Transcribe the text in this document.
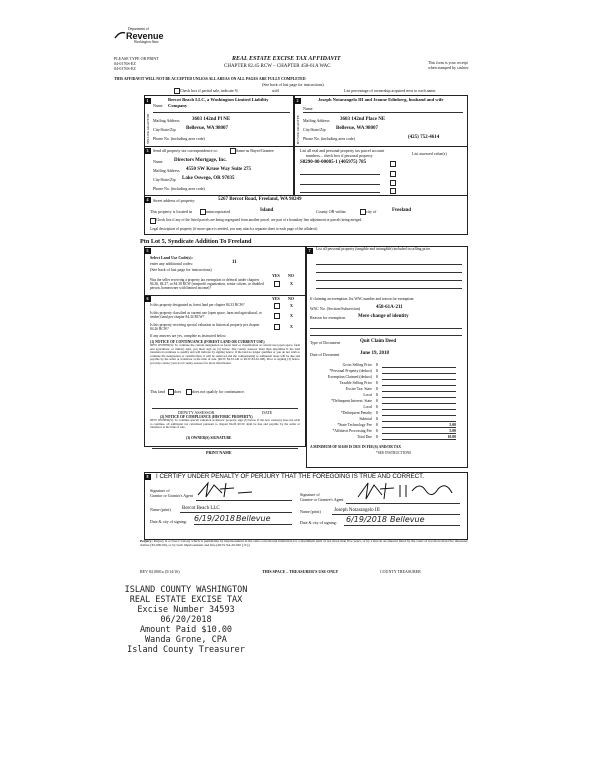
Department of
Revenue
Washington State
PLEASE TYPE OR PRINT
04-0176S-EZ
04-0176S-EZ
REAL ESTATE EXCISE TAX AFFIDAVIT
CHAPTER 82.45 RCW – CHAPTER 458-61A WAC
This form is your receipt
when stamped by cashier.
THIS AFFIDAVIT WILL NOT BE ACCEPTED UNLESS ALL AREAS ON ALL PAGES ARE FULLY COMPLETED
(See back of last page for instructions)
Check box if partial sale, indicate %	sold	List percentage of ownership acquired next to each name.
1
SELLER GRANTOR
Name
Bercot Beach LLC, a Washington Limited Liability Company
Mailing Address 3603 142nd Pl NE
City/State/Zip Bellevue, WA 98007
Phone No. (including area code)
2
BUYER GRANTEE
Name
Joseph Notarangelo III and Jeanne Edinberg, husband and wife
Mailing Address 3603 142nd Place NE
City/State/Zip Bellevue, WA 98007
Phone No. (including area code)	(425) 752-4614
3	Send all property tax correspondence to:	Same as Buyer/Grantee
Name Directors Mortgage, Inc.
Mailing Address 4550 SW Kruse Way Suite 275
City/State/Zip Lake Oswego, OR 97035
Phone No. (including area code)
List all real and personal property tax parcel account
numbers – check box if personal property	List assessed value(s)
S8290-00-00005-1 (405975) 785
4	Street address of property:	5267 Bercot Road, Freeland, WA 98249
This property is located in	unincorporated	Island	County OR within	city of	Freeland
Check box if any of the listed parcels are being segregated from another parcel, are part of a boundary line adjustment or parcels being merged.
Legal description of property (if more space is needed, you may attach a separate sheet to each page of the affidavit)
Ptn Lot 5, Syndicate Addition To Freeland
5
Select Land Use Code(s):
enter any additional codes:	11
(See back of last page for instructions)
YES NO
Was the seller receiving a property tax exemption or deferral under chapters 84.36, 84.37, or 84.38 RCW (nonprofit organization, senior citizen, or disabled person, homeowner with limited income)?
X
6	YES NO
Is this property designated as forest land per chapter 84.33 RCW?	X
Is this property classified as current use (open space, farm and agricultural, or timber) land per chapter 84.34 RCW?	X
Is this property receiving special valuation as historical property per chapter 84.26 RCW?
X
If any answers are yes, complete as instructed below.
(1) NOTICE OF CONTINUANCE (FOREST LAND OR CURRENT USE)
NEW OWNER(S): To continue the current designation as forest land or classification as current use (open space, farm and agriculture, or timber) land, you must sign on (3) below. The county assessor must then determine if the land transferred continues to qualify and will indicate by signing below. If the land no longer qualifies or you do not wish to continue the designation or classification, it will be removed and the compensating or additional taxes will be due and payable by the seller or transferor at the time of sale. (RCW 84.33.140 or RCW 84.34.108). Prior to signing (3) below, you may contact your local county assessor for more information.
This land does	does not qualify for continuance.
DEPUTY ASSESSOR	DATE
(2) NOTICE OF COMPLIANCE (HISTORIC PROPERTY)
NEW OWNER(S): To continue special valuation as historic property, sign (3) below. If the new owner(s) does not wish to continue, all additional tax calculated pursuant to chapter 84.26 RCW, shall be due and payable by the seller or transferor at the time of sale.
(3) OWNER(S) SIGNATURE
PRINT NAME
7	List all personal property (tangible and intangible) included in selling price.
If claiming an exemption, list WAC number and reason for exemption:
WAC No. (Section/Subsection)	458-61A-211
Reason for exemption	Mere change of identity
Type of Document	Quit Claim Deed
Date of Document	June 19, 2018
Gross Selling Price $
*Personal Property (deduct) $
Exemption Claimed (deduct) $
Taxable Selling Price $
Excise Tax: State $
Local $
*Delinquent Interest: State $
Local $
*Delinquent Penalty $
Subtotal $
*State Technology Fee $	5.00
*Affidavit Processing Fee $	5.00
Total Due $	10.00
A MINIMUM OF $10.00 IS DUE IN FEE(S) AND/OR TAX
*SEE INSTRUCTIONS
8	I CERTIFY UNDER PENALTY OF PERJURY THAT THE FOREGOING IS TRUE AND CORRECT.
Signature of
Grantor or Grantor's Agent
Name (print) Bercot Beach LLC
Date & city of signing: 6/19/2018 Bellevue
Signature of
Grantee or Grantee's Agent
Name (print)	Joseph Notarangelo III
Date & city of signing: 6/19/2018 Bellevue
Perjury: Perjury is a class C felony which is punishable by imprisonment in the state correctional institution for a maximum term of not more than five years, or by a fine in an amount fixed by the court of not more than five thousand dollars ($5,000.00), or by both imprisonment and fine (RCW 9A.20.020 (1C)).
REV 84 0001a (5/14/16)	THIS SPACE – TREASURER'S USE ONLY	COUNTY TREASURER
ISLAND COUNTY WASHINGTON
REAL ESTATE EXCISE TAX
Excise Number 34593
06/20/2018
Amount Paid $10.00
Wanda Grone, CPA
Island County Treasurer
